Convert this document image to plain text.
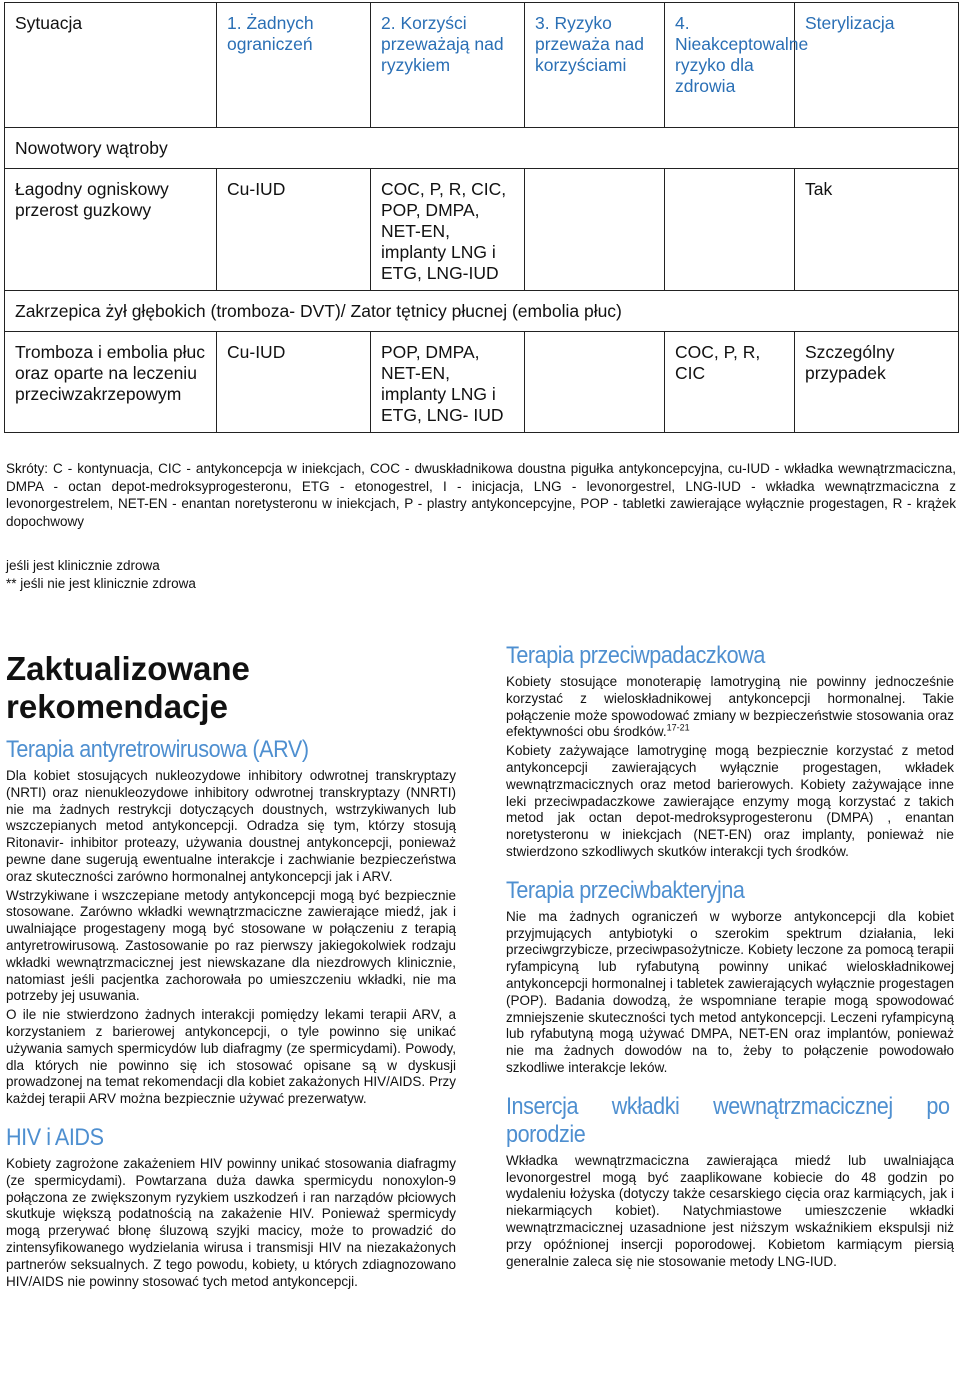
Sytuacja	1. Żadnych ograniczeń	2. Korzyści przeważają nad ryzykiem	3. Ryzyko przeważa nad korzyściami	4. Nieakceptowalne ryzyko dla zdrowia	Sterylizacja
Nowotwory wątroby					
Łagodny ogniskowy przerost guzkowy	Cu-IUD	COC, P, R, CIC, POP, DMPA, NET-EN, implanty LNG i ETG, LNG-IUD			Tak
Zakrzepica żył głębokich (tromboza- DVT)/ Zator tętnicy płucnej (embolia płuc)					
Tromboza i embolia płuc oraz oparte na leczeniu przeciwzakrzepowym	Cu-IUD	POP, DMPA, NET-EN, implanty LNG i ETG, LNG- IUD		COC, P, R, CIC	Szczególny przypadek
Skróty: C - kontynuacja, CIC - antykoncepcja w iniekcjach, COC - dwuskładnikowa doustna pigułka antykoncepcyjna, cu-IUD - wkładka wewnątrzmaciczna, DMPA - octan depot-medroksyprogesteronu, ETG - etonogestrel, I - inicjacja, LNG - levonorgestrel, LNG-IUD - wkładka wewnątrzmaciczna z levonorgestrelem, NET-EN - enantan noretysteronu w iniekcjach, P - plastry antykoncepcyjne, POP - tabletki zawierające wyłącznie progestagen, R - krążek dopochwowy
jeśli jest klinicznie zdrowa
** jeśli nie jest klinicznie zdrowa
Zaktualizowane rekomendacje
Terapia antyretrowirusowa (ARV)

Dla kobiet stosujących nukleozydowe inhibitory odwrotnej transkryptazy (NRTI) oraz nienukleozydowe inhibitory odwrotnej transkryptazy (NNRTI) nie ma żadnych restrykcji dotyczących doustnych, wstrzykiwanych lub wszczepianych metod antykoncepcji. Odradza się tym, którzy stosują Ritonavir- inhibitor proteazy, używania doustnej antykoncepcji, ponieważ pewne dane sugerują ewentualne interakcje i zachwianie bezpieczeństwa oraz skuteczności zarówno hormonalnej antykoncepcji jak i ARV.

Wstrzykiwane i wszczepiane metody antykoncepcji mogą być bezpiecznie stosowane. Zarówno wkładki wewnątrzmaciczne zawierające miedź, jak i uwalniające progestageny mogą być stosowane w połączeniu z terapią antyretrowirusową. Zastosowanie po raz pierwszy jakiegokolwiek rodzaju wkładki wewnątrzmacicznej jest niewskazane dla niezdrowych klinicznie, natomiast jeśli pacjentka zachorowała po umieszczeniu wkładki, nie ma potrzeby jej usuwania.

O ile nie stwierdzono żadnych interakcji pomiędzy lekami terapii ARV, a korzystaniem z barierowej antykoncepcji, o tyle powinno się unikać używania samych spermicydów lub diafragmy (ze spermicydami). Powody, dla których nie powinno się ich stosować opisane są w dyskusji prowadzonej na temat rekomendacji dla kobiet zakażonych HIV/AIDS. Przy każdej terapii ARV można bezpiecznie używać prezerwatyw.

HIV i AIDS

Kobiety zagrożone zakażeniem HIV powinny unikać stosowania diafragmy (ze spermicydami). Powtarzana duża dawka spermicydu nonoxylon-9 połączona ze zwiększonym ryzykiem uszkodzeń i ran narządów płciowych skutkuje większą podatnością na zakażenie HIV. Ponieważ spermicydy mogą przerywać błonę śluzową szyjki macicy, może to prowadzić do zintensyfikowanego wydzielania wirusa i transmisji HIV na niezakażonych partnerów seksualnych. Z tego powodu, kobiety, u których zdiagnozowano HIV/AIDS nie powinny stosować tych metod antykoncepcji.

Terapia przeciwpadaczkowa

Kobiety stosujące monoterapię lamotryginą nie powinny jednocześnie korzystać z wieloskładnikowej antykoncepcji hormonalnej. Takie połączenie może spowodować zmiany w bezpieczeństwie stosowania oraz efektywności obu środków.$^{17-21}$

Kobiety zażywające lamotryginę mogą bezpiecznie korzystać z metod antykoncepcji zawierających wyłącznie progestagen, wkładek wewnątrzmacicznych oraz metod barierowych. Kobiety zażywające inne leki przeciwpadaczkowe zawierające enzymy mogą korzystać z takich metod jak octan depot-medroksyprogesteronu (DMPA) , enantan noretysteronu w iniekcjach (NET-EN) oraz implanty, ponieważ nie stwierdzono szkodliwych skutków interakcji tych środków.

Terapia przeciwbakteryjna

Nie ma żadnych ograniczeń w wyborze antykoncepcji dla kobiet przyjmujących antybiotyki o szerokim spektrum działania, leki przeciwgrzybicze, przeciwpasożytnicze. Kobiety leczone za pomocą terapii ryfampicyną lub ryfabutyną powinny unikać wieloskładnikowej antykoncepcji hormonalnej i tabletek zawierających wyłącznie progestagen (POP). Badania dowodzą, że wspomniane terapie mogą spowodować zmniejszenie skuteczności tych metod antykoncepcji. Leczeni ryfampicyną lub ryfabutyną mogą używać DMPA, NET-EN oraz implantów, ponieważ nie ma żadnych dowodów na to, żeby to połączenie powodowało szkodliwe interakcje leków.

Insercja wkładki wewnątrzmacicznej po porodzie

Wkładka wewnątrzmaciczna zawierająca miedź lub uwalniająca levonorgestrel mogą być zaaplikowane kobiecie do 48 godzin po wydaleniu łożyska (dotyczy także cesarskiego cięcia oraz karmiących, jak i niekarmiących kobiet). Natychmiastowe umieszczenie wkładki wewnątrzmacicznej uzasadnione jest niższym wskaźnikiem ekspulsji niż przy opóźnionej insercji poporodowej. Kobietom karmiącym piersią generalnie zaleca się nie stosowanie metody LNG-IUD.
